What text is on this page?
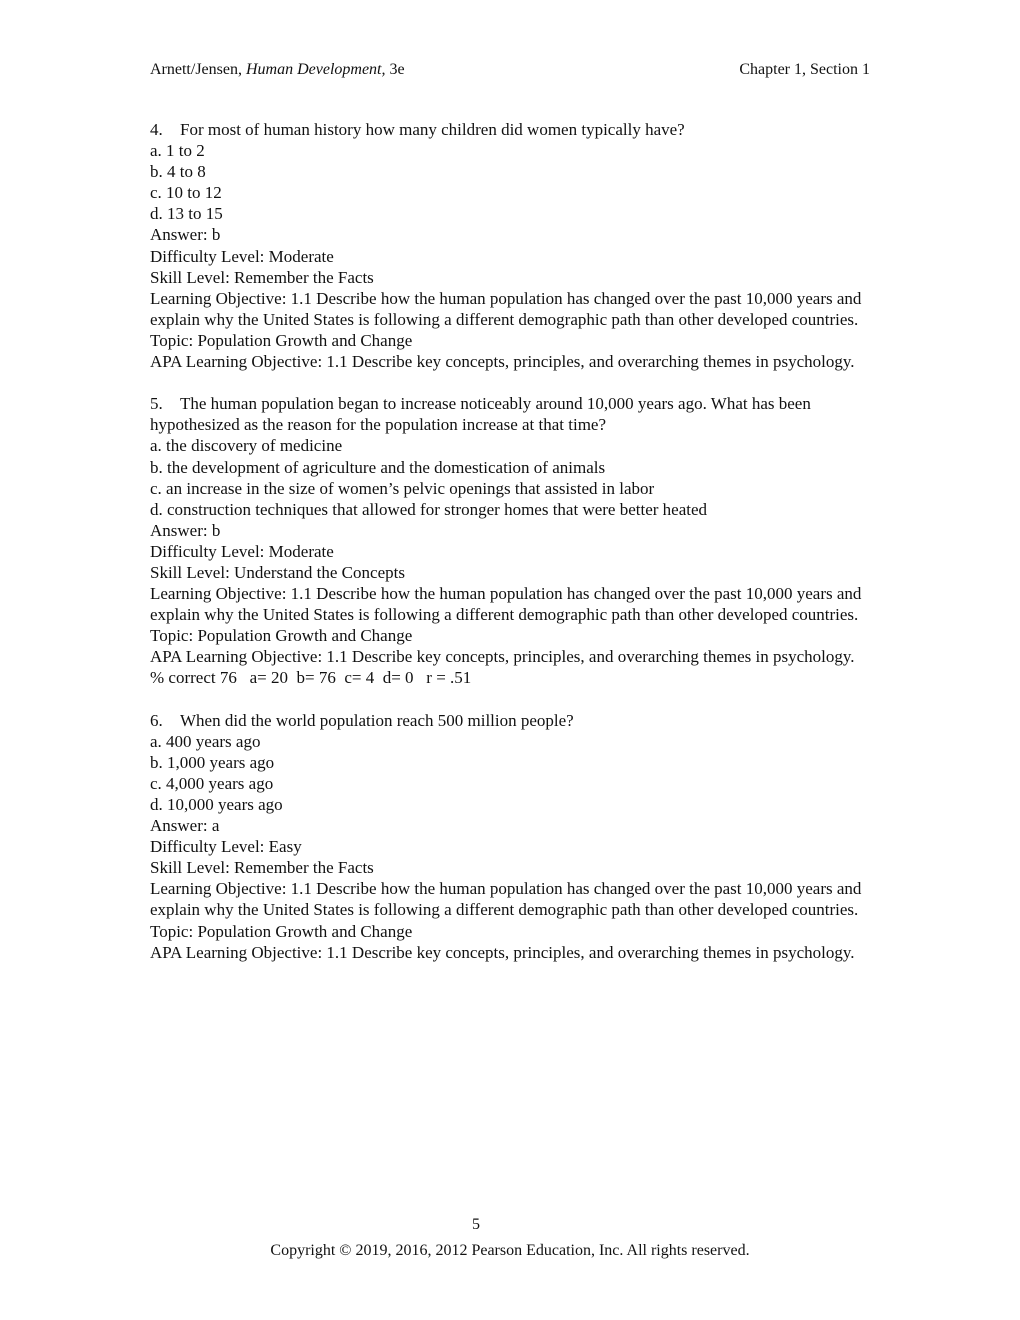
Arnett/Jensen, Human Development, 3e	Chapter 1, Section 1
4. For most of human history how many children did women typically have?
a. 1 to 2
b. 4 to 8
c. 10 to 12
d. 13 to 15
Answer: b
Difficulty Level: Moderate
Skill Level: Remember the Facts
Learning Objective: 1.1 Describe how the human population has changed over the past 10,000 years and explain why the United States is following a different demographic path than other developed countries.
Topic: Population Growth and Change
APA Learning Objective: 1.1 Describe key concepts, principles, and overarching themes in psychology.
5. The human population began to increase noticeably around 10,000 years ago. What has been hypothesized as the reason for the population increase at that time?
a. the discovery of medicine
b. the development of agriculture and the domestication of animals
c. an increase in the size of women’s pelvic openings that assisted in labor
d. construction techniques that allowed for stronger homes that were better heated
Answer: b
Difficulty Level: Moderate
Skill Level: Understand the Concepts
Learning Objective: 1.1 Describe how the human population has changed over the past 10,000 years and explain why the United States is following a different demographic path than other developed countries.
Topic: Population Growth and Change
APA Learning Objective: 1.1 Describe key concepts, principles, and overarching themes in psychology.
% correct 76   a= 20  b= 76  c= 4  d= 0   r = .51
6. When did the world population reach 500 million people?
a. 400 years ago
b. 1,000 years ago
c. 4,000 years ago
d. 10,000 years ago
Answer: a
Difficulty Level: Easy
Skill Level: Remember the Facts
Learning Objective: 1.1 Describe how the human population has changed over the past 10,000 years and explain why the United States is following a different demographic path than other developed countries.
Topic: Population Growth and Change
APA Learning Objective: 1.1 Describe key concepts, principles, and overarching themes in psychology.
5
Copyright © 2019, 2016, 2012 Pearson Education, Inc. All rights reserved.
